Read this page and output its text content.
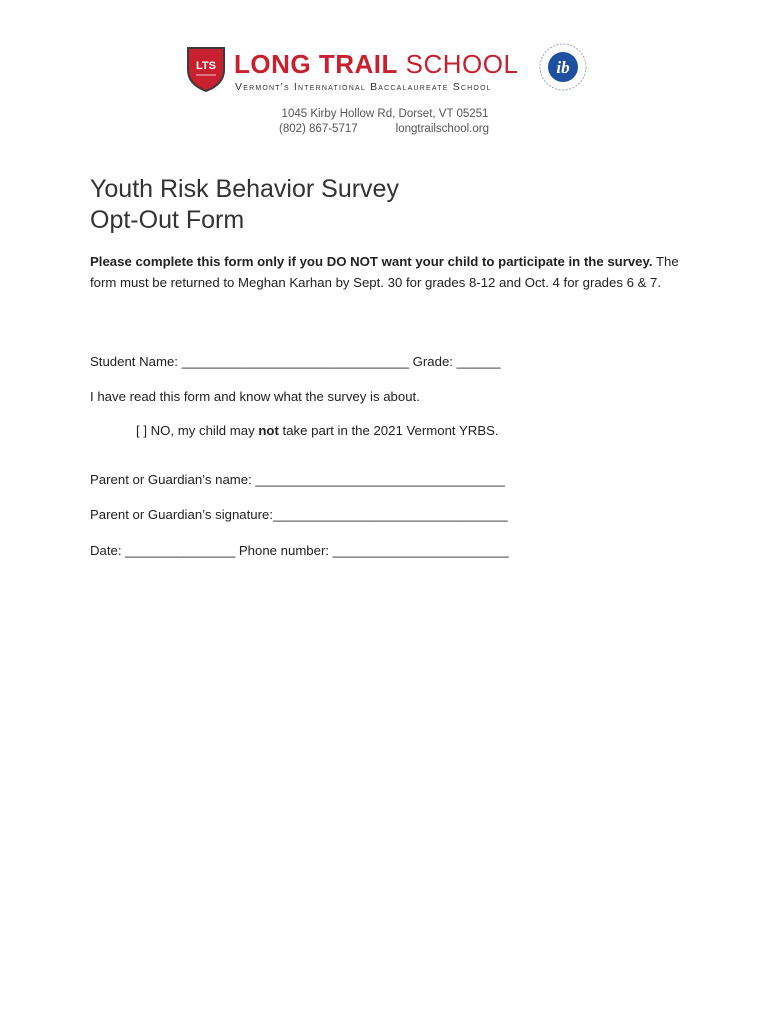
LTS LONG TRAIL SCHOOL
Vermont's International Baccalaureate School
ib
1045 Kirby Hollow Rd, Dorset, VT 05251
(802) 867-5717	longtrailschool.org
Youth Risk Behavior Survey
Opt-Out Form
Please complete this form only if you DO NOT want your child to participate in the survey. The form must be returned to Meghan Karhan by Sept. 30 for grades 8-12 and Oct. 4 for grades 6 & 7.
Student Name: _______________________________ Grade: ______
I have read this form and know what the survey is about.
[ ] NO, my child may not take part in the 2021 Vermont YRBS.
Parent or Guardian’s name: __________________________________
Parent or Guardian’s signature:________________________________
Date: _______________ Phone number: ________________________
